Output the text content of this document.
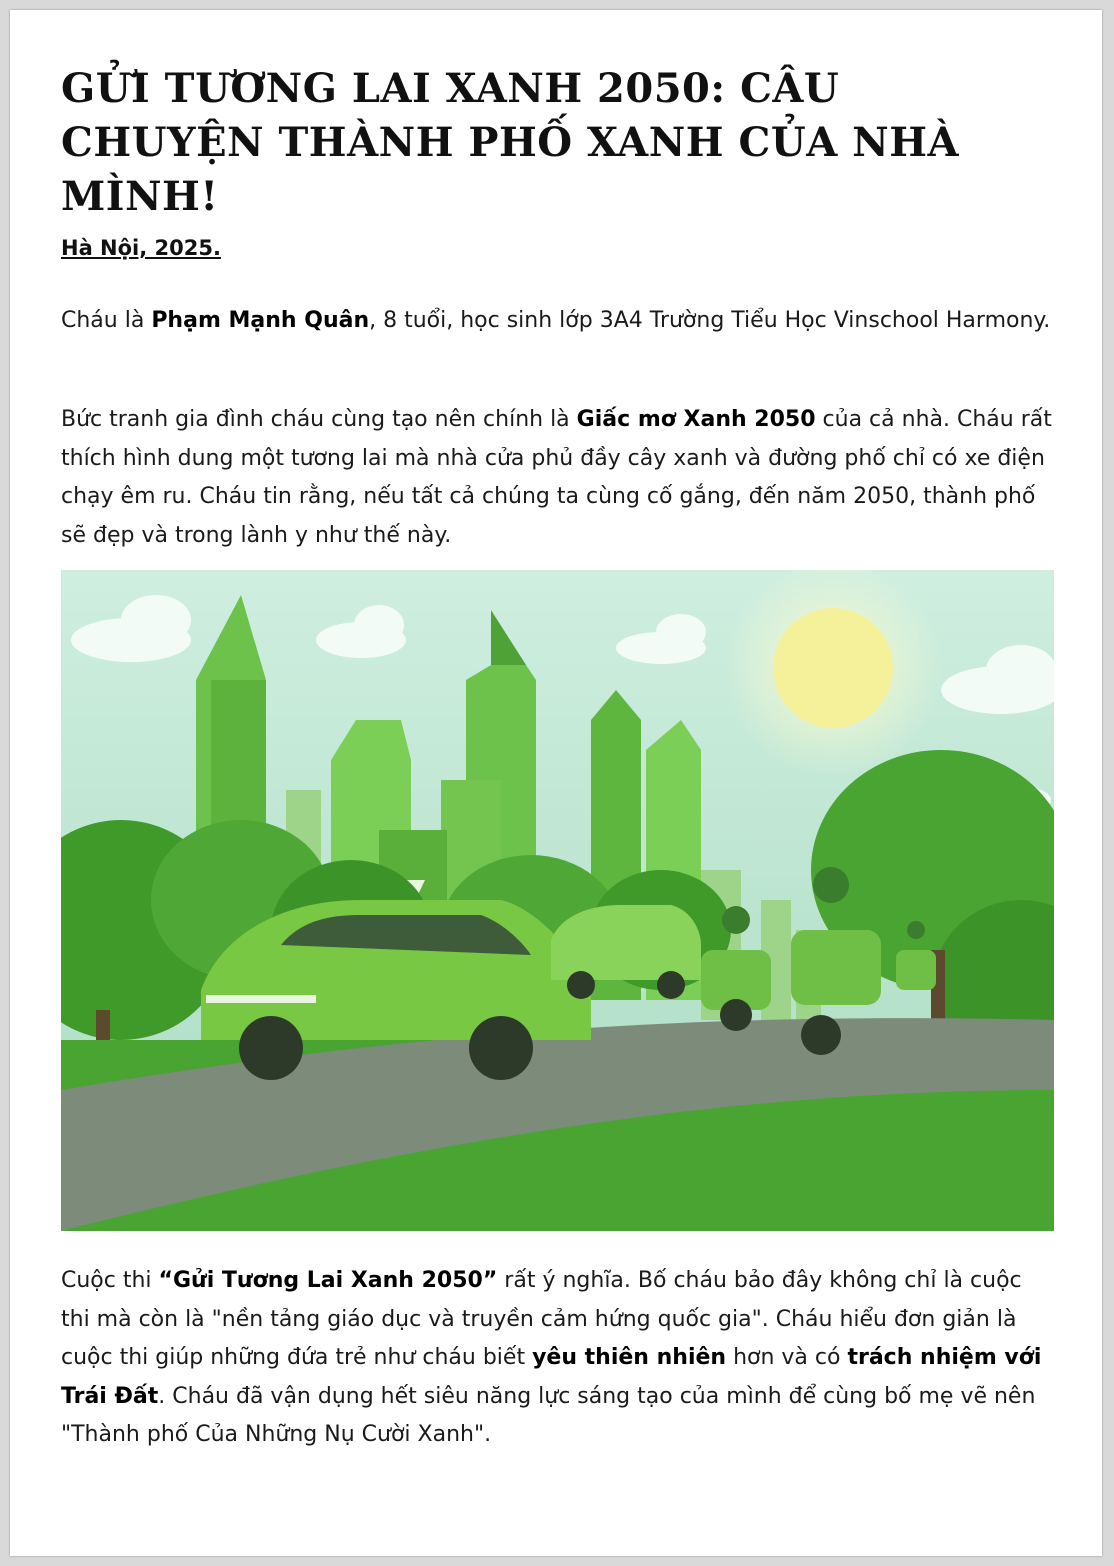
GỬI TƯƠNG LAI XANH 2050: CÂU CHUYỆN THÀNH PHỐ XANH CỦA NHÀ MÌNH!
Hà Nội, 2025.

Cháu là Phạm Mạnh Quân, 8 tuổi, học sinh lớp 3A4 Trường Tiểu Học Vinschool Harmony.

Bức tranh gia đình cháu cùng tạo nên chính là Giấc mơ Xanh 2050 của cả nhà. Cháu rất thích hình dung một tương lai mà nhà cửa phủ đầy cây xanh và đường phố chỉ có xe điện chạy êm ru. Cháu tin rằng, nếu tất cả chúng ta cùng cố gắng, đến năm 2050, thành phố sẽ đẹp và trong lành y như thế này.

Cuộc thi “Gửi Tương Lai Xanh 2050” rất ý nghĩa. Bố cháu bảo đây không chỉ là cuộc thi mà còn là "nền tảng giáo dục và truyền cảm hứng quốc gia". Cháu hiểu đơn giản là cuộc thi giúp những đứa trẻ như cháu biết yêu thiên nhiên hơn và có trách nhiệm với Trái Đất. Cháu đã vận dụng hết siêu năng lực sáng tạo của mình để cùng bố mẹ vẽ nên "Thành phố Của Những Nụ Cười Xanh".
